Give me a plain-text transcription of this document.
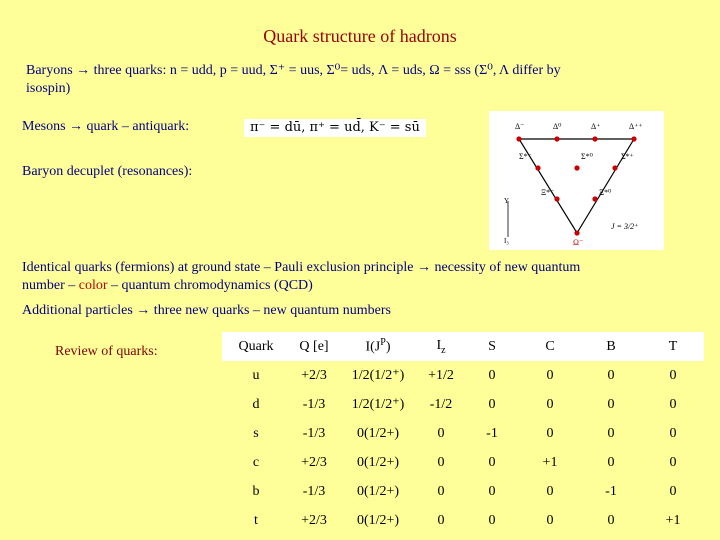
Quark structure of hadrons
Baryons → three quarks: n = udd, p = uud, Σ⁺ = uus, Σ⁰= uds, Λ = uds, Ω = sss (Σ⁰, Λ differ by
isospin)
Mesons → quark – antiquark:	π⁻ = dū, π⁺ = ud̄, K⁻ = sū
Baryon decuplet (resonances):
Y
I₃
Δ⁻	Δ⁰	Δ⁺	Δ⁺⁺
Σ*⁻	Σ*⁰	Σ*⁺
Ξ*⁻	Ξ*⁰
Ω⁻
J = 3/2⁺
Identical quarks (fermions) at ground state – Pauli exclusion principle → necessity of new quantum
number – color – quantum chromodynamics (QCD)
Additional particles → three new quarks – new quantum numbers
Review of quarks:	Quark	Q [e]	$I(J^P)$	$I_z$	S	C	B	T
u	+2/3	1/2(1/2⁺)	+1/2	0	0	0	0
d	-1/3	1/2(1/2⁺)	-1/2	0	0	0	0
s	-1/3	0(1/2+)	0	-1	0	0	0
c	+2/3	0(1/2+)	0	0	+1	0	0
b	-1/3	0(1/2+)	0	0	0	-1	0
t	+2/3	0(1/2+)	0	0	0	0	+1
